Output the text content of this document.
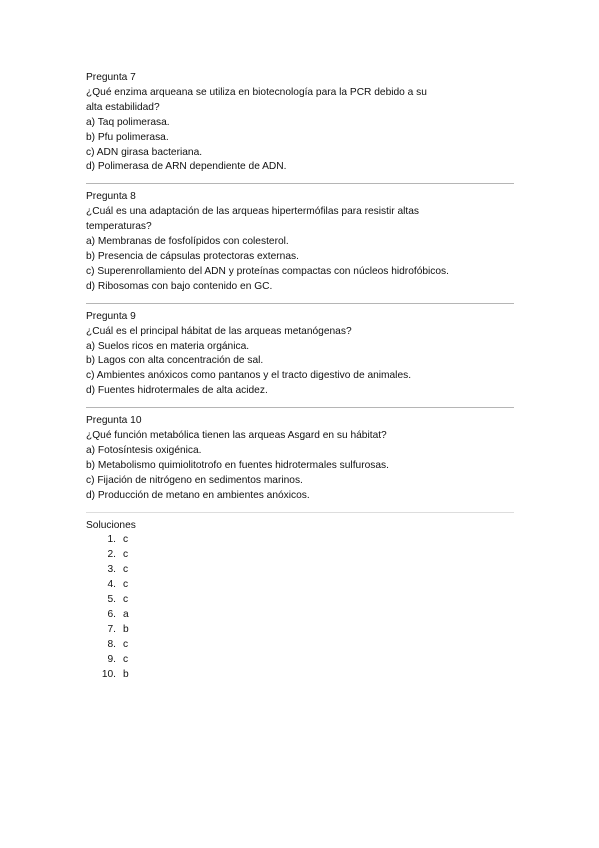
Pregunta 7

¿Qué enzima arqueana se utiliza en biotecnología para la PCR debido a su alta estabilidad?

a) Taq polimerasa.

b) Pfu polimerasa.

c) ADN girasa bacteriana.

d) Polimerasa de ARN dependiente de ADN.

Pregunta 8

¿Cuál es una adaptación de las arqueas hipertermófilas para resistir altas temperaturas?

a) Membranas de fosfolípidos con colesterol.

b) Presencia de cápsulas protectoras externas.

c) Superenrollamiento del ADN y proteínas compactas con núcleos hidrofóbicos.

d) Ribosomas con bajo contenido en GC.

Pregunta 9

¿Cuál es el principal hábitat de las arqueas metanógenas?

a) Suelos ricos en materia orgánica.

b) Lagos con alta concentración de sal.

c) Ambientes anóxicos como pantanos y el tracto digestivo de animales.

d) Fuentes hidrotermales de alta acidez.

Pregunta 10

¿Qué función metabólica tienen las arqueas Asgard en su hábitat?

a) Fotosíntesis oxigénica.

b) Metabolismo quimiolitotrofo en fuentes hidrotermales sulfurosas.

c) Fijación de nitrógeno en sedimentos marinos.

d) Producción de metano en ambientes anóxicos.

Soluciones

1. c
2. c
3. c
4. c
5. c
6. a
7. b
8. c
9. c
10. b
